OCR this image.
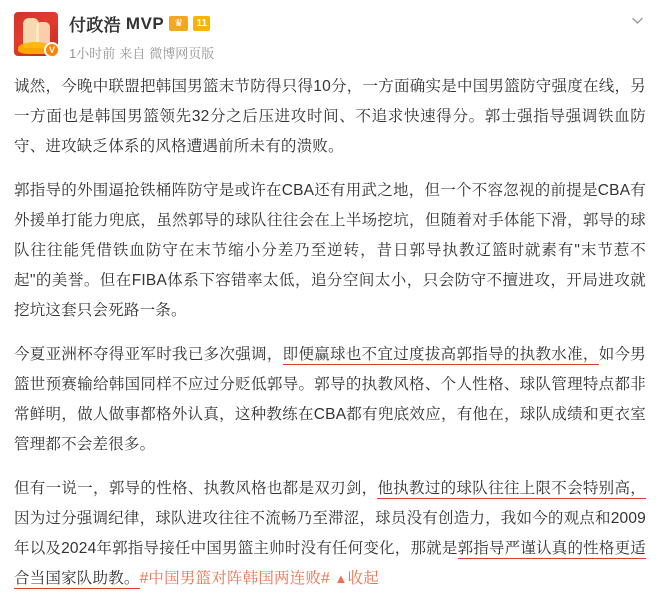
V
付政浩 MVP	♛	11
1小时前 来自 微博网页版

诚然，今晚中联盟把韩国男篮末节防得只得10分，一方面确实是中国男篮防守强度在线，另一方面也是韩国男篮领先32分之后压进攻时间、不追求快速得分。郭士强指导强调铁血防守、进攻缺乏体系的风格遭遇前所未有的溃败。

郭指导的外围逼抢铁桶阵防守是或许在CBA还有用武之地，但一个不容忽视的前提是CBA有外援单打能力兜底，虽然郭导的球队往往会在上半场挖坑，但随着对手体能下滑，郭导的球队往往能凭借铁血防守在末节缩小分差乃至逆转，昔日郭导执教辽篮时就素有"末节惹不起"的美誉。但在FIBA体系下容错率太低，追分空间太小，只会防守不擅进攻，开局进攻就挖坑这套只会死路一条。

今夏亚洲杯夺得亚军时我已多次强调，即便赢球也不宜过度拔高郭指导的执教水准，如今男篮世预赛输给韩国同样不应过分贬低郭导。郭导的执教风格、个人性格、球队管理特点都非常鲜明，做人做事都格外认真，这种教练在CBA都有兜底效应，有他在，球队成绩和更衣室管理都不会差很多。

但有一说一，郭导的性格、执教风格也都是双刃剑，他执教过的球队往往上限不会特别高，因为过分强调纪律，球队进攻往往不流畅乃至滞涩，球员没有创造力，我如今的观点和2009年以及2024年郭指导接任中国男篮主帅时没有任何变化，那就是郭指导严谨认真的性格更适合当国家队助教。#中国男篮对阵韩国两连败# ▲收起
